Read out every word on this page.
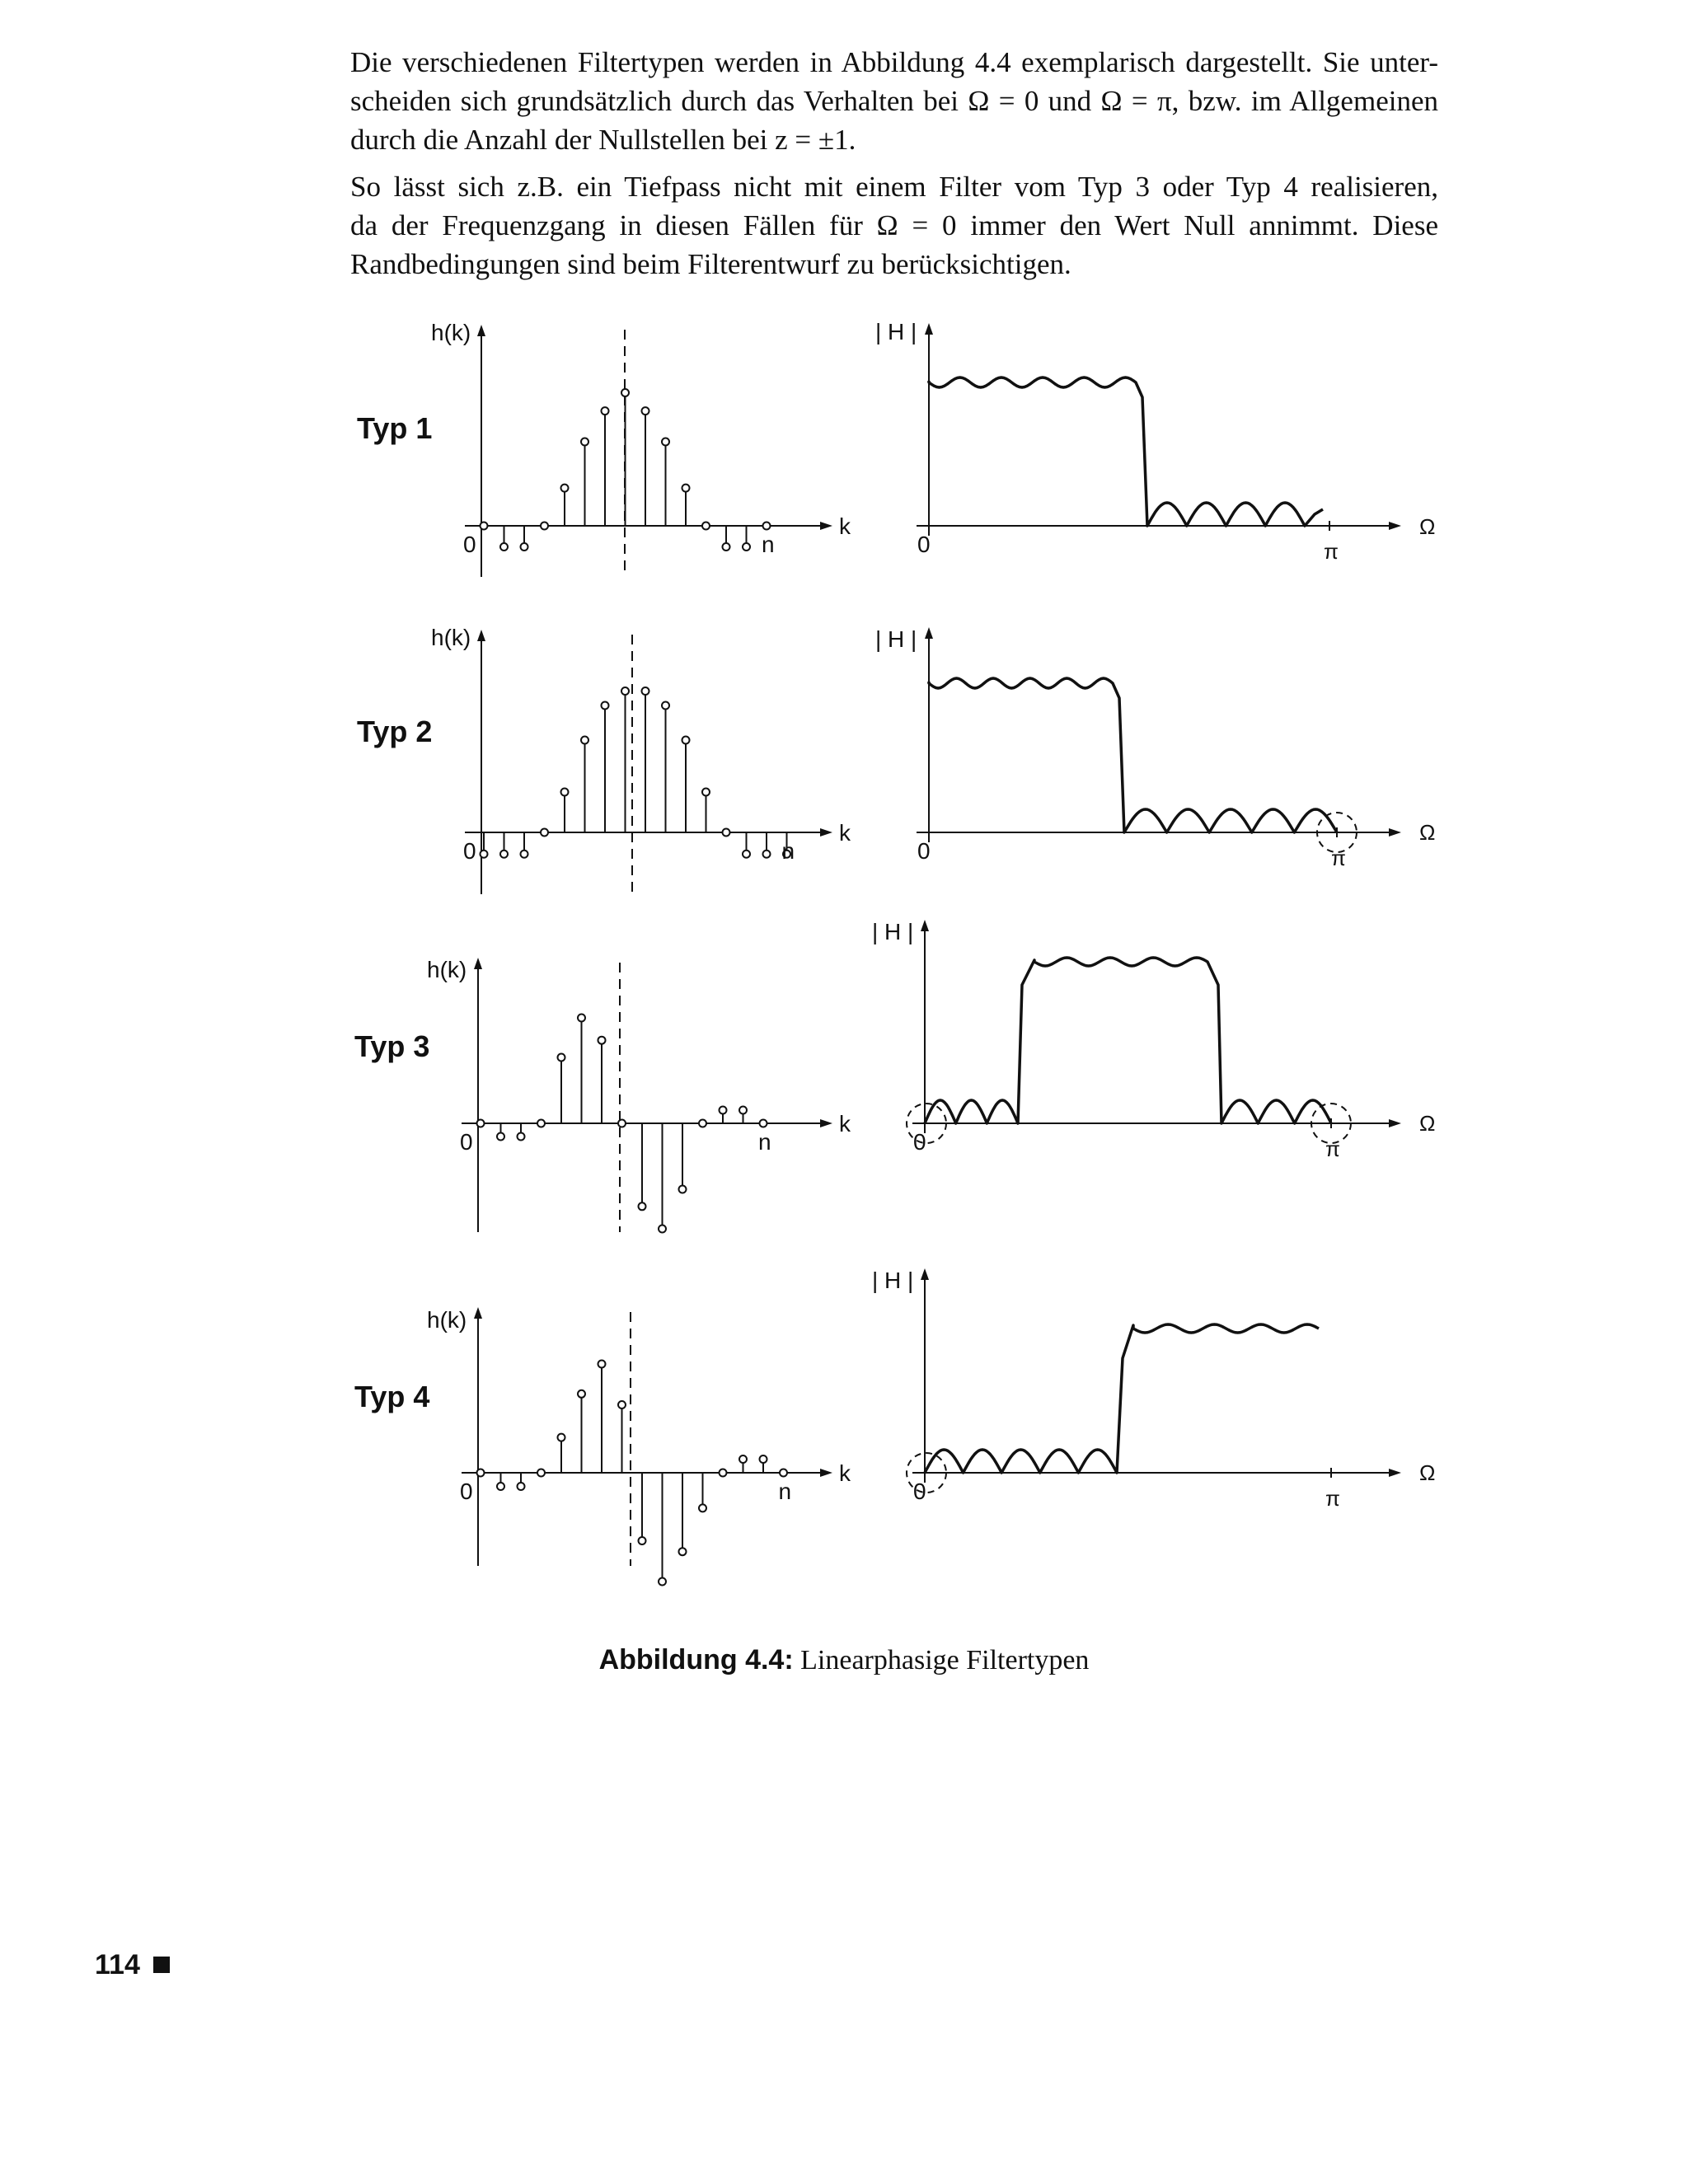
Die verschiedenen Filtertypen werden in Abbildung 4.4 exemplarisch dargestellt. Sie unter-
scheiden sich grundsätzlich durch das Verhalten bei Ω = 0 und Ω = π, bzw. im Allgemeinen
durch die Anzahl der Nullstellen bei z = ±1.
So lässt sich z.B. ein Tiefpass nicht mit einem Filter vom Typ 3 oder Typ 4 realisieren,
da der Frequenzgang in diesen Fällen für Ω = 0 immer den Wert Null annimmt. Diese
Randbedingungen sind beim Filterentwurf zu berücksichtigen.
Typ 1
h(k)
k
0	n
| H |
Ω
0	π
Typ 2
h(k)
k
0	n
| H |
Ω
0	π
Typ 3
h(k)
k
0	n
| H |
Ω
0	π
Typ 4
h(k)
k
0	n
| H |
Ω
0	π

Abbildung 4.4: Linearphasige Filtertypen

114
